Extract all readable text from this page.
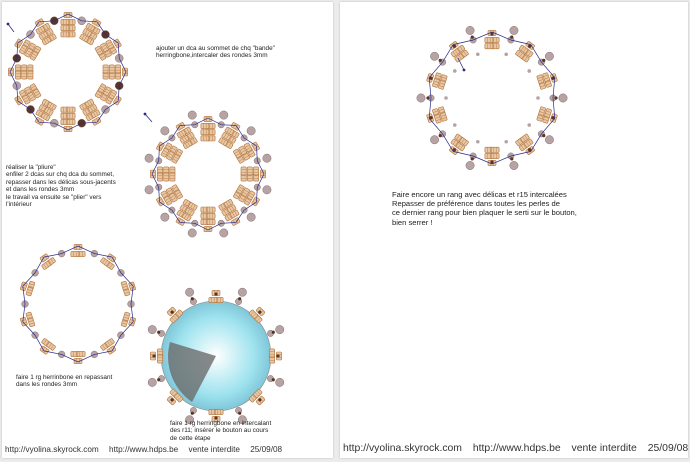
ajouter un dca au sommet de chq "bande"
herringbone,intercaler des rondes 3mm
réaliser la "pliure"
enfiler 2 dcas sur chq dca du sommet,
repasser dans les délicas sous-jacents
et dans les rondes 3mm
le travail va ensuite se "plier" vers
l'intérieur
faire 1 rg herrinbone en repassant
dans les rondes 3mm
faire 1 rg herringbone en intercalant
des r11; insérer le bouton au cours
de cette étape
http://vyolina.skyrock.com http://www.hdps.be vente interdite 25/09/08
Faire encore un rang avec délicas et r15 intercalées
Repasser de préférence dans toutes les perles de
ce dernier rang pour bien plaquer le serti sur le bouton,
bien serrer !
http://vyolina.skyrock.com http://www.hdps.be vente interdite 25/09/08
